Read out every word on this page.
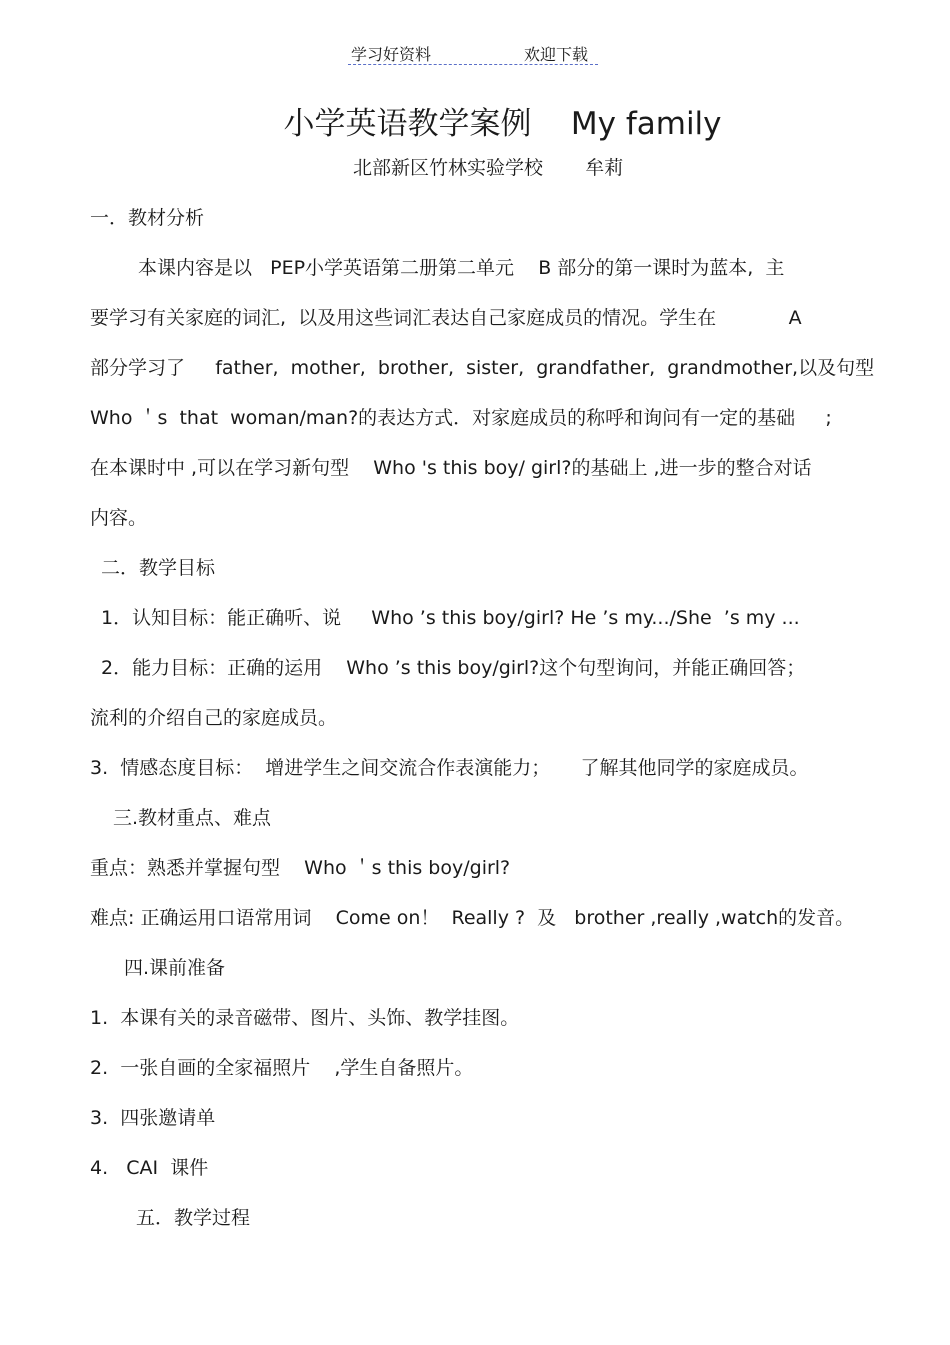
学习好资料	欢迎下载
小学英语教学案例    My family
北部新区竹林实验学校       牟莉
一．教材分析
本课内容是以   PEP小学英语第二册第二单元    B 部分的第一课时为蓝本,  主
要学习有关家庭的词汇,  以及用这些词汇表达自己家庭成员的情况。学生在            A
部分学习了     father,  mother,  brother,  sister,  grandfather,  grandmother,以及句型
Who ＇s  that  woman/man?的表达方式．对家庭成员的称呼和询问有一定的基础     ;
在本课时中 ,可以在学习新句型    Who 's this boy/ girl?的基础上 ,进一步的整合对话
内容。
二．教学目标
1．认知目标：能正确听、说     Who ’s this boy/girl? He ’s my.../She  ’s my ...
2．能力目标：正确的运用    Who ’s this boy/girl?这个句型询问，并能正确回答；
流利的介绍自己的家庭成员。
3.  情感态度目标：  增进学生之间交流合作表演能力；     了解其他同学的家庭成员。
三.教材重点、难点
重点：熟悉并掌握句型    Who ＇s this boy/girl?
难点: 正确运用口语常用词    Come on！  Really ?  及   brother ,really ,watch的发音。
四.课前准备
1.  本课有关的录音磁带、图片、头饰、教学挂图。
2.  一张自画的全家福照片    ,学生自备照片。
3.  四张邀请单
4.   CAI  课件
五．教学过程
